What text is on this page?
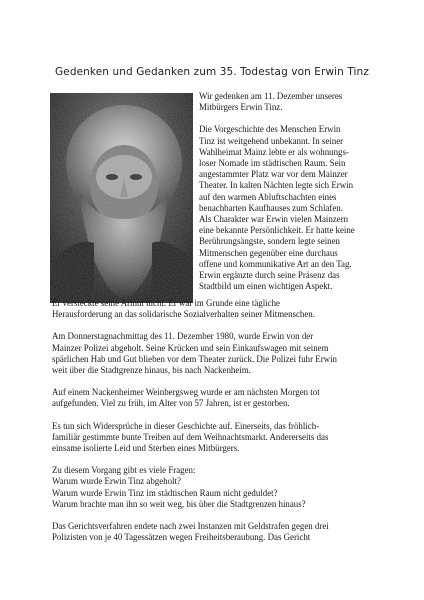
Gedenken und Gedanken zum 35. Todestag von Erwin Tinz

Wir gedenken am 11. Dezember unseres
Mitbürgers Erwin Tinz.

Die Vorgeschichte des Menschen Erwin
Tinz ist weitgehend unbekannt. In seiner
Wahlheimat Mainz lebte er als wohnungs-
loser Nomade im städtischen Raum. Sein
angestammter Platz war vor dem Mainzer
Theater. In kalten Nächten legte sich Erwin
auf den warmen Abluftschachten eines
benachbarten Kaufhauses zum Schlafen.
Als Charakter war Erwin vielen Mainzern
eine bekannte Persönlichkeit. Er hatte keine
Berührungsängste, sondern legte seinen
Mitmenschen gegenüber eine durchaus
offene und kommunikative Art an den Tag.
Erwin ergänzte durch seine Präsenz das
Stadtbild um einen wichtigen Aspekt.

Er versteckte seine Armut nicht. Er war im Grunde eine tägliche
Herausforderung an das solidarische Sozialverhalten seiner Mitmenschen.

Am Donnerstagnachmittag des 11. Dezember 1980, wurde Erwin von der
Mainzer Polizei abgeholt. Seine Krücken und sein Einkaufswagen mit seinem
spärlichen Hab und Gut blieben vor dem Theater zurück. Die Polizei fuhr Erwin
weit über die Stadtgrenze hinaus, bis nach Nackenheim.

Auf einem Nackenheimer Weinbergsweg wurde er am nächsten Morgen tot
aufgefunden. Viel zu früh, im Alter von 57 Jahren, ist er gestorben.

Es tun sich Widersprüche in dieser Geschichte auf. Einerseits, das fröhlich-
familiär gestimmte bunte Treiben auf dem Weihnachtsmarkt. Andererseits das
einsame isolierte Leid und Sterben eines Mitbürgers.

Zu diesem Vorgang gibt es viele Fragen:
Warum wurde Erwin Tinz abgeholt?
Warum wurde Erwin Tinz im städtischen Raum nicht geduldet?
Warum brachte man ihn so weit weg, bis über die Stadtgrenzen hinaus?

Das Gerichtsverfahren endete nach zwei Instanzen mit Geldstrafen gegen drei
Polizisten von je 40 Tagessätzen wegen Freiheitsberaubung. Das Gericht
